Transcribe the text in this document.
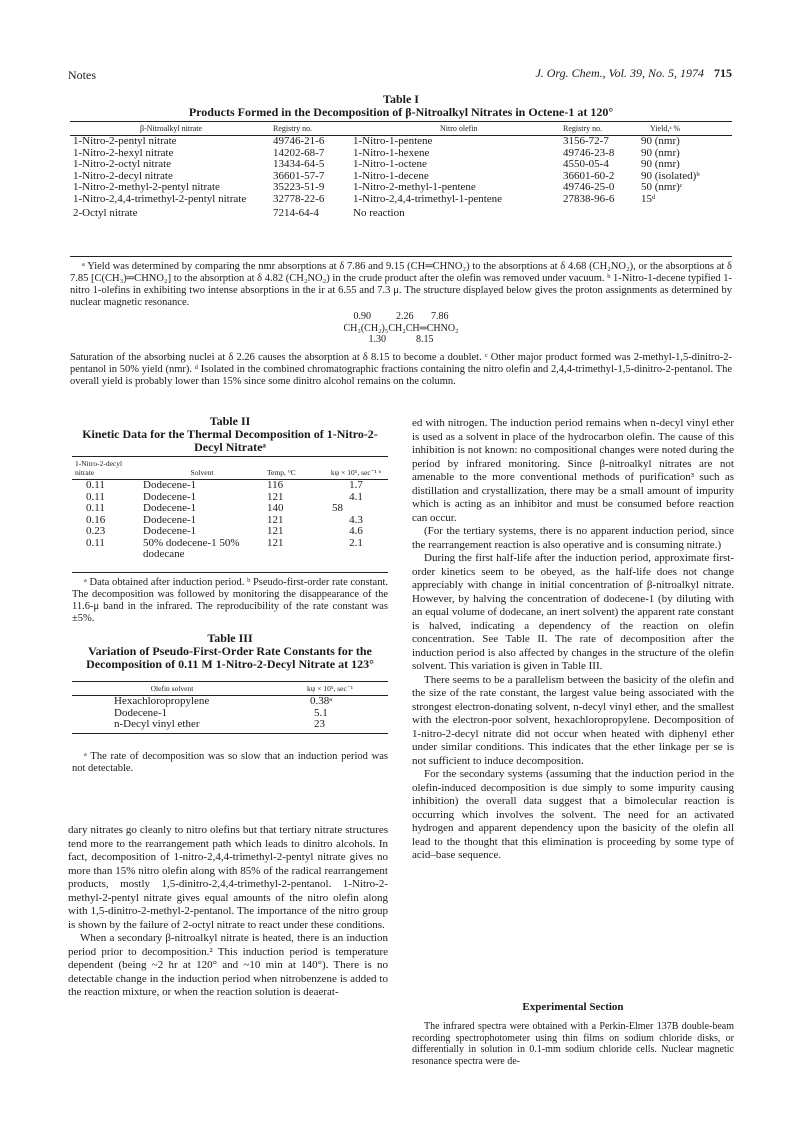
Notes	J. Org. Chem., Vol. 39, No. 5, 1974 715
Table I
Products Formed in the Decomposition of β-Nitroalkyl Nitrates in Octene-1 at 120°
β-Nitroalkyl nitrate	Registry no.	Nitro olefin	Registry no.	Yield,ᵃ %
1-Nitro-2-pentyl nitrate	49746-21-6	1-Nitro-1-pentene	3156-72-7	90 (nmr)
1-Nitro-2-hexyl nitrate	14202-68-7	1-Nitro-1-hexene	49746-23-8	90 (nmr)
1-Nitro-2-octyl nitrate	13434-64-5	1-Nitro-1-octene	4550-05-4	90 (nmr)
1-Nitro-2-decyl nitrate	36601-57-7	1-Nitro-1-decene	36601-60-2	90 (isolated)ᵇ
1-Nitro-2-methyl-2-pentyl nitrate	35223-51-9	1-Nitro-2-methyl-1-pentene	49746-25-0	50 (nmr)ᶜ
1-Nitro-2,4,4-trimethyl-2-pentyl nitrate	32778-22-6	1-Nitro-2,4,4-trimethyl-1-pentene	27838-96-6	15ᵈ
2-Octyl nitrate	7214-64-4	No reaction		
ᵃ Yield was determined by comparing the nmr absorptions at δ 7.86 and 9.15 (CH═CHNO₂) to the absorptions at δ 4.68 (CH₂NO₂), or the absorptions at δ 7.85 [C(CH₃)═CHNO₂] to the absorption at δ 4.82 (CH₂NO₂) in the crude product after the olefin was removed under vacuum. ᵇ 1-Nitro-1-decene typified 1-nitro 1-olefins in exhibiting two intense absorptions in the ir at 6.55 and 7.3 μ. The structure displayed below gives the proton assignments as determined by nuclear magnetic resonance.
0.90          2.26       7.86
CH₃(CH₂)₅CH₂CH═CHNO₂
1.30            8.15
Saturation of the absorbing nuclei at δ 2.26 causes the absorption at δ 8.15 to become a doublet. ᶜ Other major product formed was 2-methyl-1,5-dinitro-2-pentanol in 50% yield (nmr). ᵈ Isolated in the combined chromatographic fractions containing the nitro olefin and 2,4,4-trimethyl-1,5-dinitro-2-pentanol. The overall yield is probably lower than 15% since some dinitro alcohol remains on the column.
Table II
Kinetic Data for the Thermal Decomposition of 1-Nitro-2-Decyl Nitrateᵃ
1-Nitro-2-decyl nitrate	Solvent	Temp, °C	kψ × 10⁵, sec⁻¹ ᵇ
0.11	Dodecene-1	116	1.7
0.11	Dodecene-1	121	4.1
0.11	Dodecene-1	140	58
0.16	Dodecene-1	121	4.3
0.23	Dodecene-1	121	4.6
0.11	50% dodecene-1 50% dodecane	121	2.1
ᵃ Data obtained after induction period. ᵇ Pseudo-first-order rate constant. The decomposition was followed by monitoring the disappearance of the 11.6-μ band in the infrared. The reproducibility of the rate constant was ±5%.
Table III
Variation of Pseudo-First-Order Rate Constants for the Decomposition of 0.11 M 1-Nitro-2-Decyl Nitrate at 123°
Olefin solvent	kψ × 10⁵, sec⁻¹
Hexachloropropylene	0.38ᵃ
Dodecene-1	5.1
n-Decyl vinyl ether	23
ᵃ The rate of decomposition was so slow that an induction period was not detectable.

dary nitrates go cleanly to nitro olefins but that tertiary nitrate structures tend more to the rearrangement path which leads to dinitro alcohols. In fact, decomposition of 1-nitro-2,4,4-trimethyl-2-pentyl nitrate gives no more than 15% nitro olefin along with 85% of the radical rearrangement products, mostly 1,5-dinitro-2,4,4-trimethyl-2-pentanol. 1-Nitro-2-methyl-2-pentyl nitrate gives equal amounts of the nitro olefin along with 1,5-dinitro-2-methyl-2-pentanol. The importance of the nitro group is shown by the failure of 2-octyl nitrate to react under these conditions.

When a secondary β-nitroalkyl nitrate is heated, there is an induction period prior to decomposition.² This induction period is temperature dependent (being ~2 hr at 120° and ~10 min at 140°). There is no detectable change in the induction period when nitrobenzene is added to the reaction mixture, or when the reaction solution is deaerat-

ed with nitrogen. The induction period remains when n-decyl vinyl ether is used as a solvent in place of the hydrocarbon olefin. The cause of this inhibition is not known: no compositional changes were noted during the period by infrared monitoring. Since β-nitroalkyl nitrates are not amenable to the more conventional methods of purification³ such as distillation and crystallization, there may be a small amount of impurity which is acting as an inhibitor and must be consumed before reaction can occur.

(For the tertiary systems, there is no apparent induction period, since the rearrangement reaction is also operative and is consuming nitrate.)

During the first half-life after the induction period, approximate first-order kinetics seem to be obeyed, as the half-life does not change appreciably with change in initial concentration of β-nitroalkyl nitrate. However, by halving the concentration of dodecene-1 (by diluting with an equal volume of dodecane, an inert solvent) the apparent rate constant is halved, indicating a dependency of the reaction on olefin concentration. See Table II. The rate of decomposition after the induction period is also affected by changes in the structure of the olefin solvent. This variation is given in Table III.

There seems to be a parallelism between the basicity of the olefin and the size of the rate constant, the largest value being associated with the strongest electron-donating solvent, n-decyl vinyl ether, and the smallest with the electron-poor solvent, hexachloropropylene. Decomposition of 1-nitro-2-decyl nitrate did not occur when heated with diphenyl ether under similar conditions. This indicates that the ether linkage per se is not sufficient to induce decomposition.

For the secondary systems (assuming that the induction period in the olefin-induced decomposition is due simply to some impurity causing inhibition) the overall data suggest that a bimolecular reaction is occurring which involves the solvent. The need for an activated hydrogen and apparent dependency upon the basicity of the olefin all lead to the thought that this elimination is proceeding by some type of acid–base sequence.

Experimental Section
The infrared spectra were obtained with a Perkin-Elmer 137B double-beam recording spectrophotometer using thin films on sodium chloride disks, or differentially in solution in 0.1-mm sodium chloride cells. Nuclear magnetic resonance spectra were de-
